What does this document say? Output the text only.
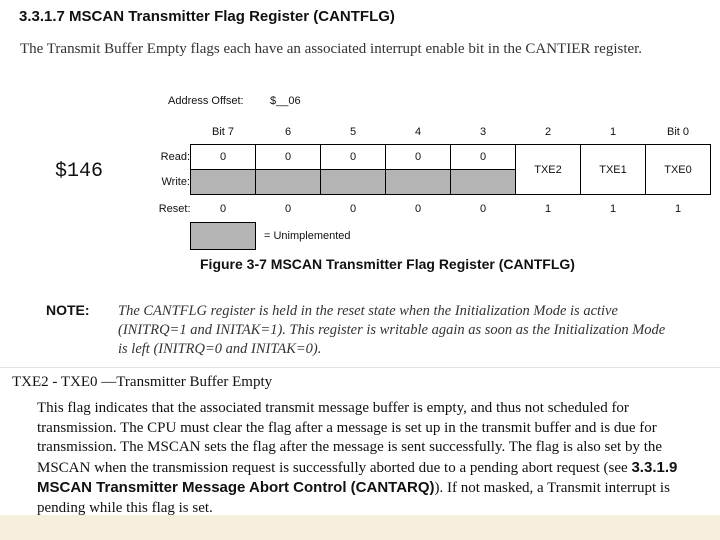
3.3.1.7 MSCAN Transmitter Flag Register (CANTFLG)
The Transmit Buffer Empty flags each have an associated interrupt enable bit in the CANTIER register.
Address Offset: $__06
$146
	Bit 7	6	5	4	3	2	1	Bit 0
Read:	0	0	0	0	0	TXE2	TXE1	TXE0
Write:								
Reset:	0	0	0	0	0	1	1	1
= Unimplemented
Figure 3-7 MSCAN Transmitter Flag Register (CANTFLG)
NOTE: The CANTFLG register is held in the reset state when the Initialization Mode is active (INITRQ=1 and INITAK=1). This register is writable again as soon as the Initialization Mode is left (INITRQ=0 and INITAK=0).
TXE2 - TXE0 —Transmitter Buffer Empty
This flag indicates that the associated transmit message buffer is empty, and thus not scheduled for transmission. The CPU must clear the flag after a message is set up in the transmit buffer and is due for transmission. The MSCAN sets the flag after the message is sent successfully. The flag is also set by the MSCAN when the transmission request is successfully aborted due to a pending abort request (see 3.3.1.9 MSCAN Transmitter Message Abort Control (CANTARQ)). If not masked, a Transmit interrupt is pending while this flag is set.
